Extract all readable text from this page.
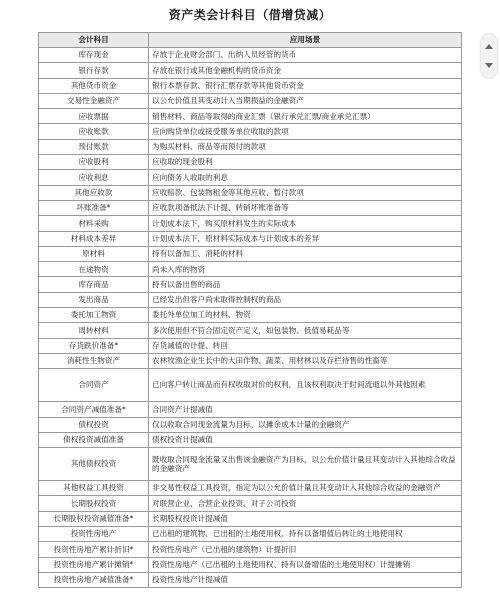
资产类会计科目（借增贷减）
会计科目	应用场景
库存现金	存放于企业财会部门、出纳人员经管的货币
银行存款	存放在银行或其他金融机构的货币资金
其他货币资金	银行本票存款、银行汇票存款等其他货币资金
交易性金融资产	以公允价值且其变动计入当期损益的金融资产
应收票据	销售材料、商品等取得的商业汇票（银行承兑汇票/商业承兑汇票）
应收账款	应向购货单位或接受服务单位收取的款项
预付账款	为购买材料、商品等而预付的款项
应收股利	应收取的现金股利
应收利息	应向债务人收取的利息
其他应收款	应收赔款、包装物租金等其他应收、暂付款项
坏账准备*	应收款项备抵法下计提、转销坏账准备等
材料采购	计划成本法下，购买原材料发生的实际成本
材料成本差异	计划成本法下，原材料实际成本与计划成本的差异
原材料	持有以备加工、消耗的材料
在途物资	尚未入库的物资
库存商品	持有以备出售的商品
发出商品	已经发出但客户尚未取得控制权的商品
委托加工物资	委托外单位加工的材料、物资
周转材料	多次使用但不符合固定资产定义，如包装物、低值易耗品等
存货跌价准备*	存货减值的计提、转回
消耗性生物资产	农林牧渔企业生长中的大田作物、蔬菜、用材林以及存栏待售的性畜等
合同资产	已向客户转让商品而有权收取对价的权利，且该权利取决于时间流逝以外其他因素
合同资产减值准备*	合同资产计提减值
债权投资	仅以收取合同现金流量为目标，以摊余成本计量的金融资产
债权投资减值准备	债权投资计提减值
其他债权投资	既收取合同现金流量又出售该金融资产为目标，以公允价值计量且其变动计入其他综合收益的金融资产
其他权益工具投资	非交易性权益工具投资，指定为以公允价值计量且其变动计入其他综合收益的金融资产
长期股权投资	对联营企业、合营企业投资、对子公司投资
长期股权投资减值准备*	长期股权投资计提减值
投资性房地产	已出租的建筑物、已出租的土地使用权、持有以备增值后转让的土地使用权
投资性房地产累计折旧*	投资性房地产（已出租的建筑物）计提折旧
投资性房地产累计摊销*	投资性房地产（已出租的土地使用权、持有以备增值的土地使用权）计提摊销
投资性房地产减值准备*	投资性房地产计提减值
